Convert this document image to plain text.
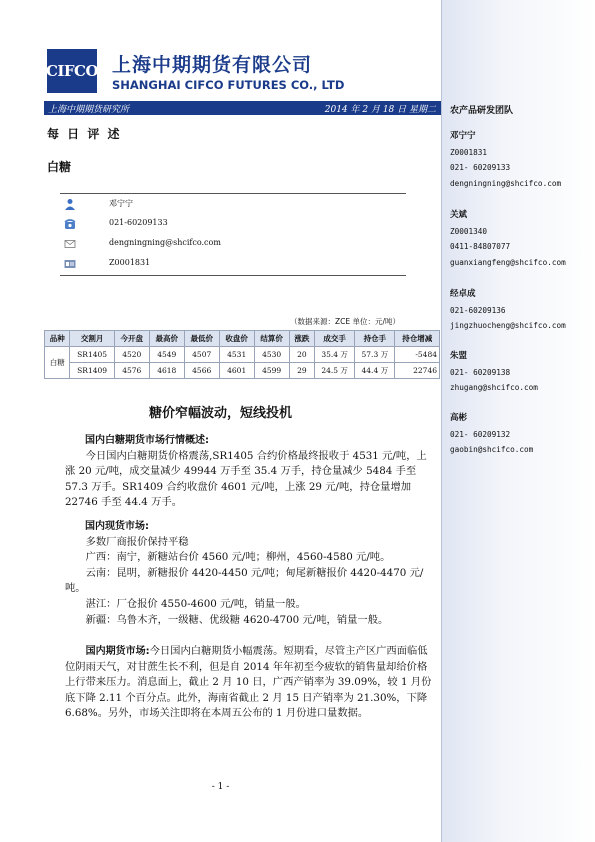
CIFCO 上海中期期货有限公司
SHANGHAI CIFCO FUTURES CO., LTD
上海中期期货研究所	2014 年 2 月 18 日 星期二
每 日 评 述
白糖
邓宁宁
021-60209133
dengningning@shcifco.com
Z0001831
（数据来源：ZCE 单位：元/吨）
品种	交割月	今开盘	最高价	最低价	收盘价	结算价	涨跌	成交手	持仓手	持仓增减
白糖	SR1405	4520	4549	4507	4531	4530	20	35.4 万	57.3 万	-5484
	SR1409	4576	4618	4566	4601	4599	29	24.5 万	44.4 万	22746
糖价窄幅波动，短线投机
国内白糖期货市场行情概述:
今日国内白糖期货价格震荡,SR1405 合约价格最终报收于 4531 元/吨，上涨 20 元/吨，成交量减少 49944 万手至 35.4 万手，持仓量减少 5484 手至 57.3 万手。SR1409 合约收盘价 4601 元/吨，上涨 29 元/吨，持仓量增加 22746 手至 44.4 万手。
国内现货市场:
多数厂商报价保持平稳
广西：南宁，新糖站台价 4560 元/吨；柳州，4560-4580 元/吨。
云南：昆明，新糖报价 4420-4450 元/吨；甸尾新糖报价 4420-4470 元/吨。
湛江：厂仓报价 4550-4600 元/吨，销量一般。
新疆：乌鲁木齐，一级糖、优级糖 4620-4700 元/吨，销量一般。
国内期货市场:今日国内白糖期货小幅震荡。短期看，尽管主产区广西面临低位阴雨天气，对甘蔗生长不利，但是自 2014 年年初至今疲软的销售量却给价格上行带来压力。消息面上，截止 2 月 10 日，广西产销率为 39.09%，较 1 月份底下降 2.11 个百分点。此外，海南省截止 2 月 15 日产销率为 21.30%，下降 6.68%。另外，市场关注即将在本周五公布的 1 月份进口量数据。
- 1 -
农产品研发团队
邓宁宁
Z0001831
021- 60209133
dengningning@shcifco.com
关斌
Z0001340
0411-84807077
guanxiangfeng@shcifco.com
经卓成
021-60209136
jingzhuocheng@shcifco.com
朱盟
021- 60209138
zhugang@shcifco.com
高彬
021- 60209132
gaobin@shcifco.com
